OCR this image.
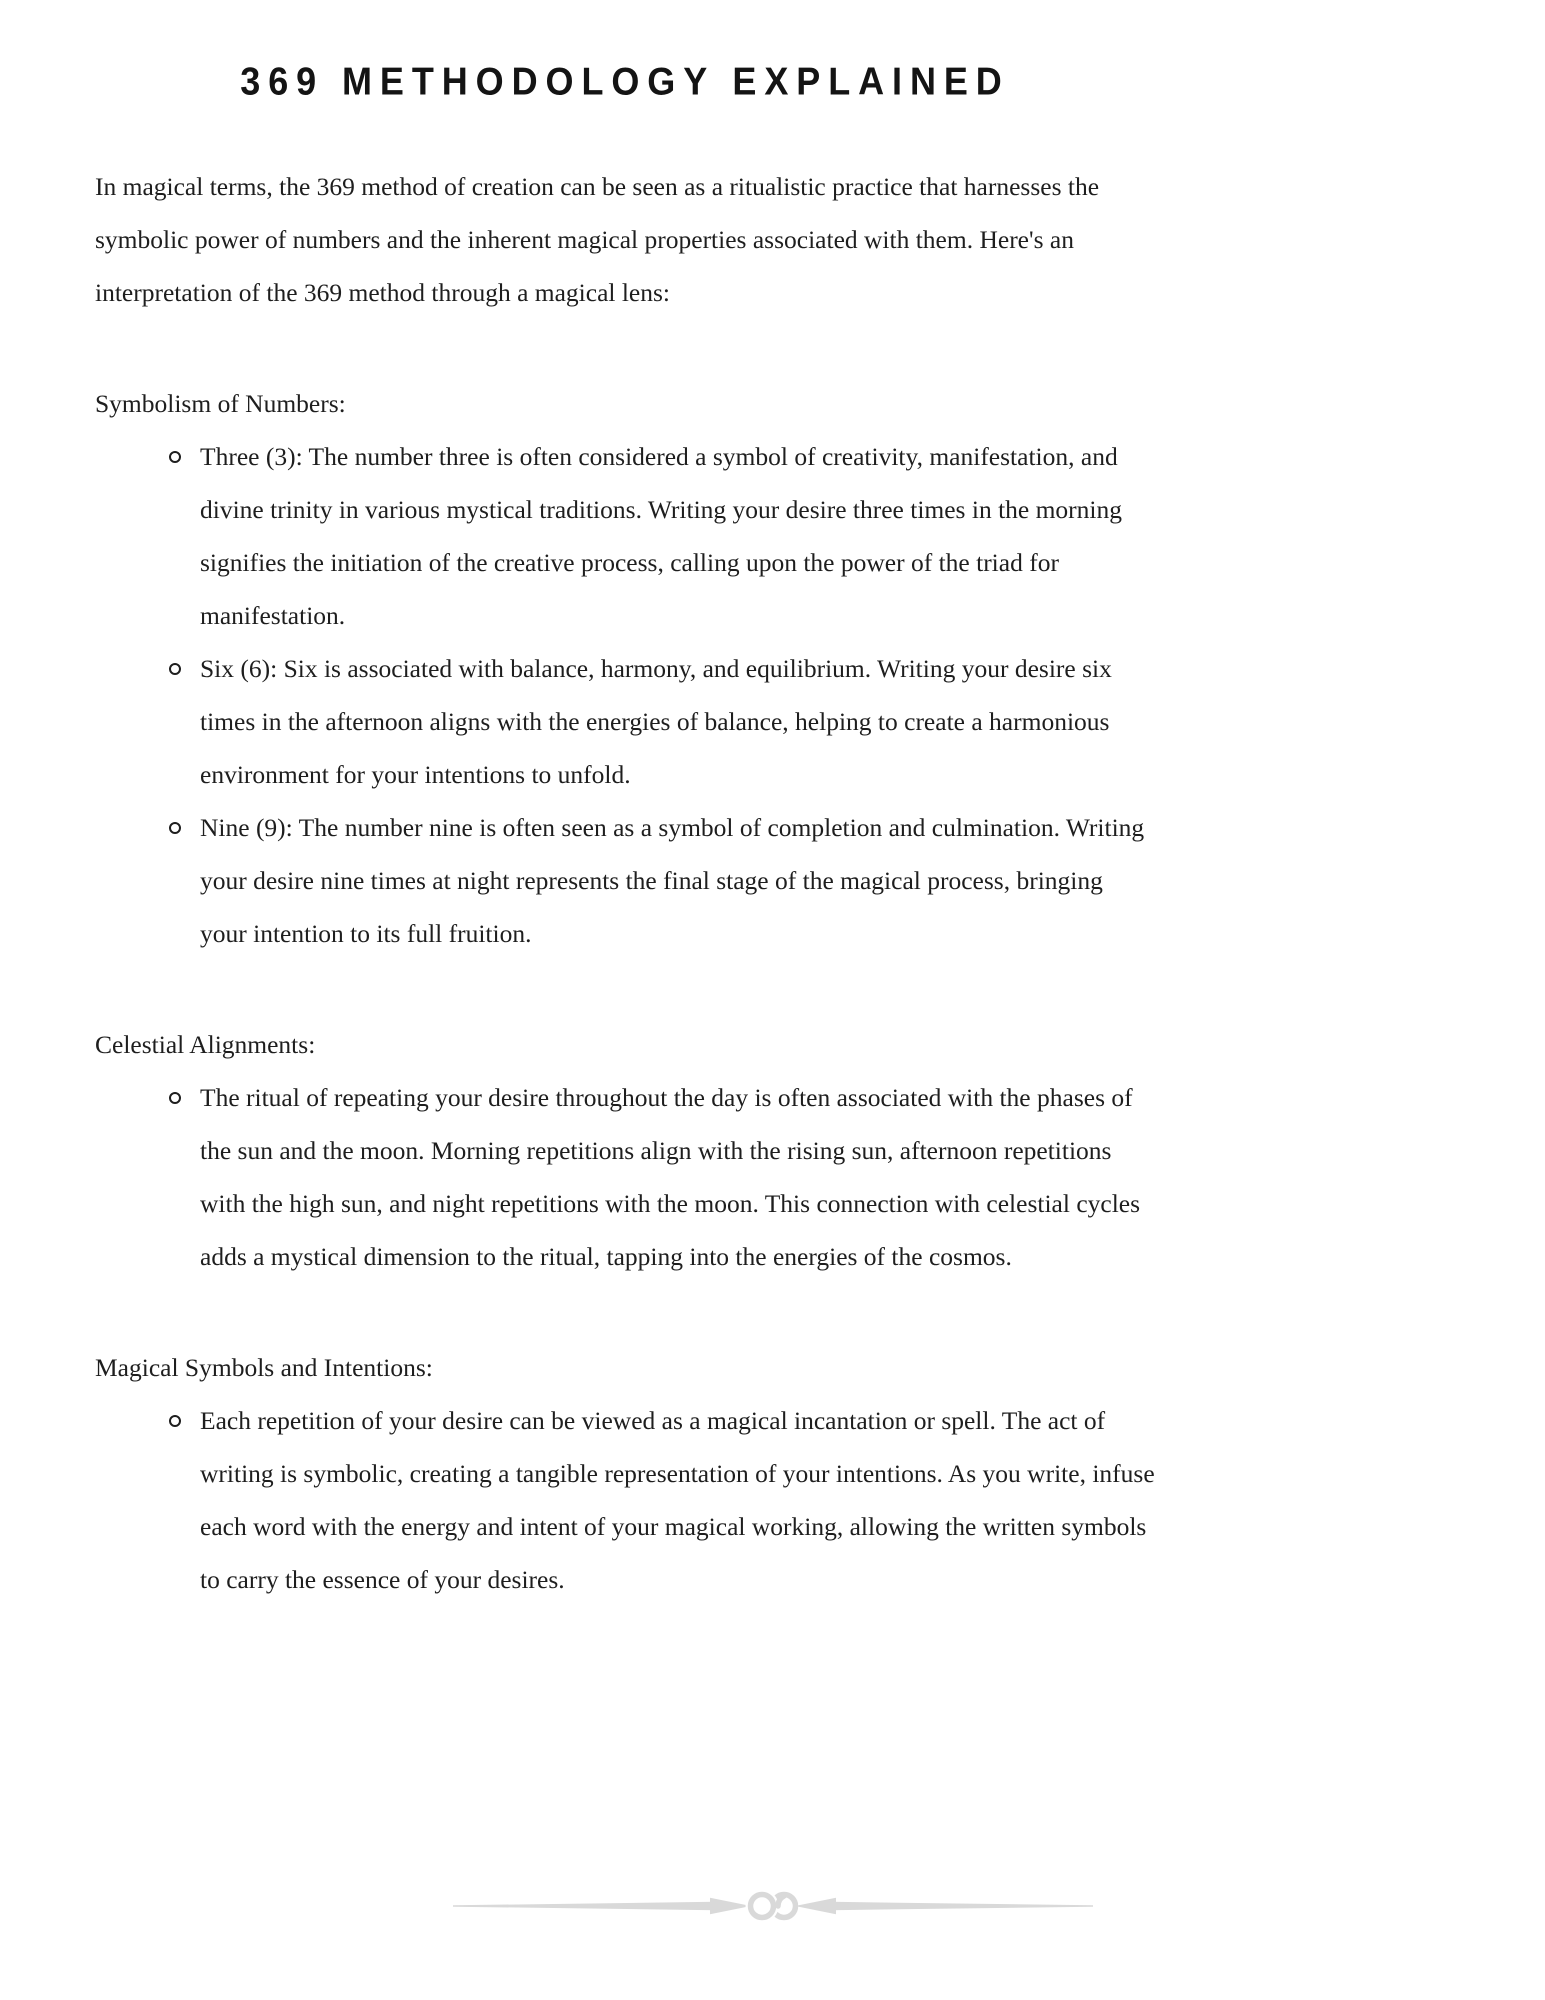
369 METHODOLOGY EXPLAINED

In magical terms, the 369 method of creation can be seen as a ritualistic practice that harnesses the symbolic power of numbers and the inherent magical properties associated with them. Here's an interpretation of the 369 method through a magical lens:

Symbolism of Numbers:
Three (3): The number three is often considered a symbol of creativity, manifestation, and divine trinity in various mystical traditions. Writing your desire three times in the morning signifies the initiation of the creative process, calling upon the power of the triad for manifestation.
Six (6): Six is associated with balance, harmony, and equilibrium. Writing your desire six times in the afternoon aligns with the energies of balance, helping to create a harmonious environment for your intentions to unfold.
Nine (9): The number nine is often seen as a symbol of completion and culmination. Writing your desire nine times at night represents the final stage of the magical process, bringing your intention to its full fruition.
Celestial Alignments:
The ritual of repeating your desire throughout the day is often associated with the phases of the sun and the moon. Morning repetitions align with the rising sun, afternoon repetitions with the high sun, and night repetitions with the moon. This connection with celestial cycles adds a mystical dimension to the ritual, tapping into the energies of the cosmos.
Magical Symbols and Intentions:
Each repetition of your desire can be viewed as a magical incantation or spell. The act of writing is symbolic, creating a tangible representation of your intentions. As you write, infuse each word with the energy and intent of your magical working, allowing the written symbols to carry the essence of your desires.
